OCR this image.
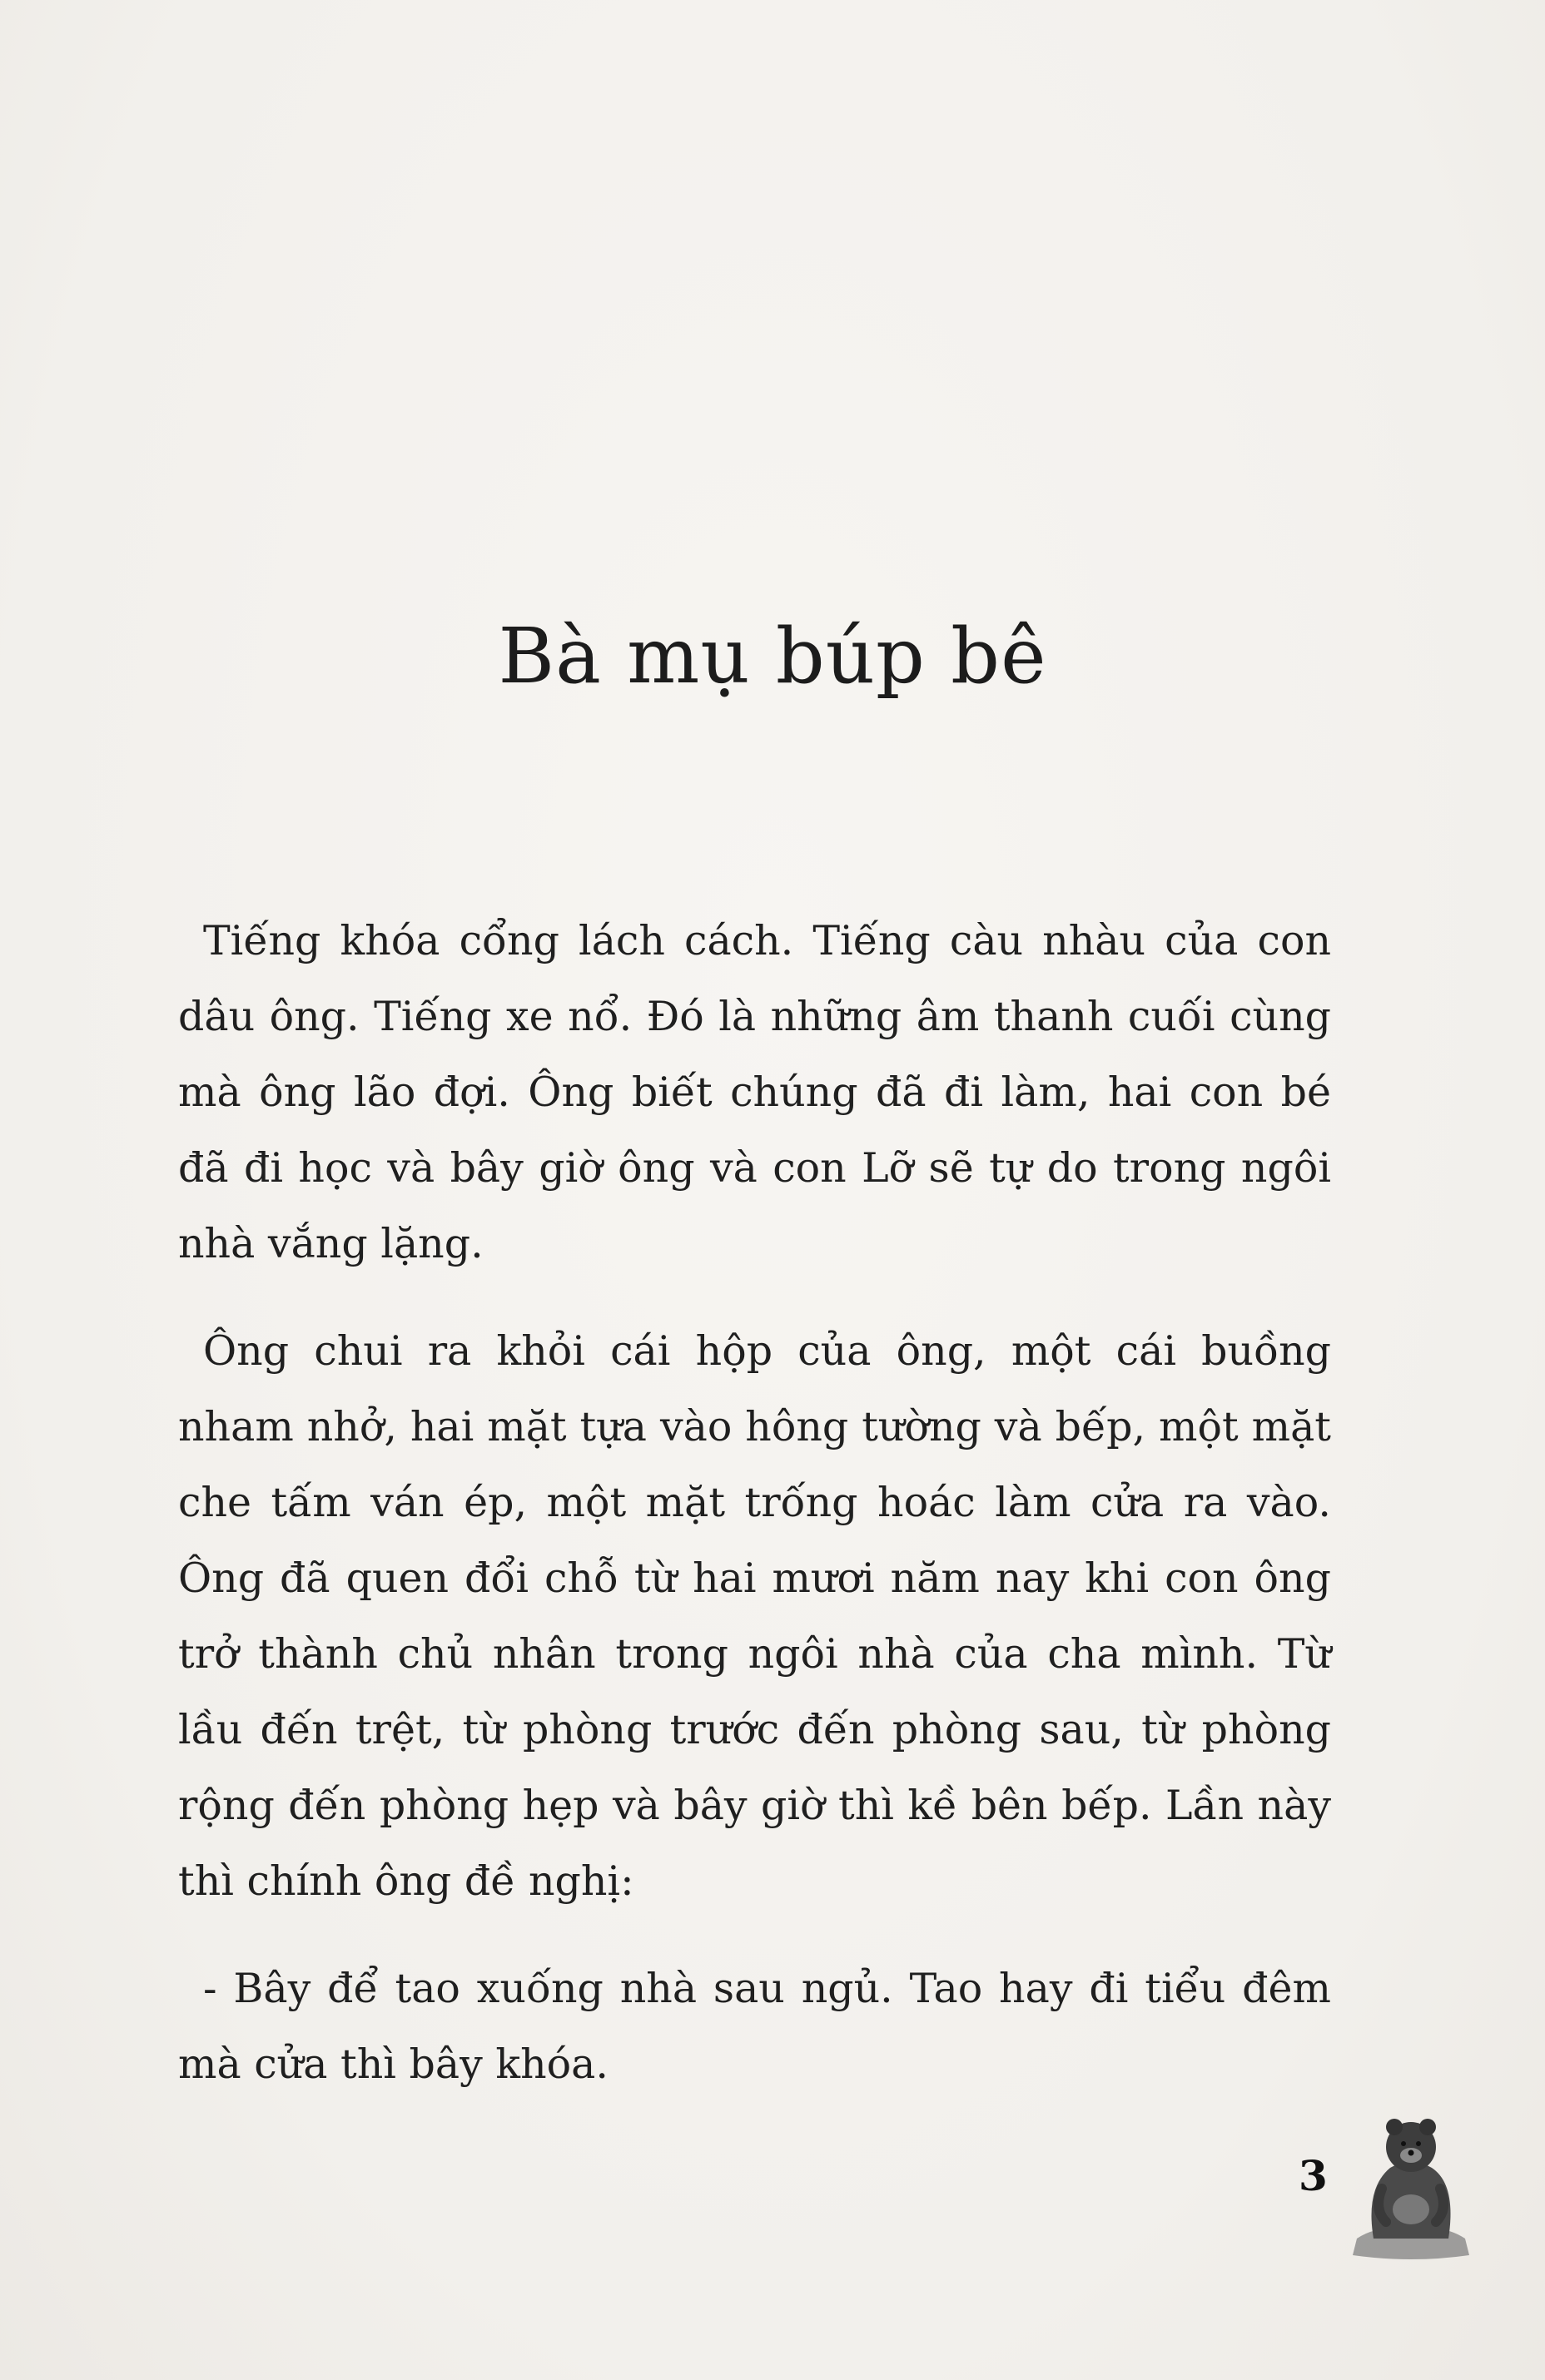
Bà mụ búp bê

Tiếng khóa cổng lách cách. Tiếng càu nhàu của con dâu ông. Tiếng xe nổ. Đó là những âm thanh cuối cùng mà ông lão đợi. Ông biết chúng đã đi làm, hai con bé đã đi học và bây giờ ông và con Lỡ sẽ tự do trong ngôi nhà vắng lặng.

Ông chui ra khỏi cái hộp của ông, một cái buồng nham nhở, hai mặt tựa vào hông tường và bếp, một mặt che tấm ván ép, một mặt trống hoác làm cửa ra vào. Ông đã quen đổi chỗ từ hai mươi năm nay khi con ông trở thành chủ nhân trong ngôi nhà của cha mình. Từ lầu đến trệt, từ phòng trước đến phòng sau, từ phòng rộng đến phòng hẹp và bây giờ thì kề bên bếp. Lần này thì chính ông đề nghị:

- Bây để tao xuống nhà sau ngủ. Tao hay đi tiểu đêm mà cửa thì bây khóa.

3
